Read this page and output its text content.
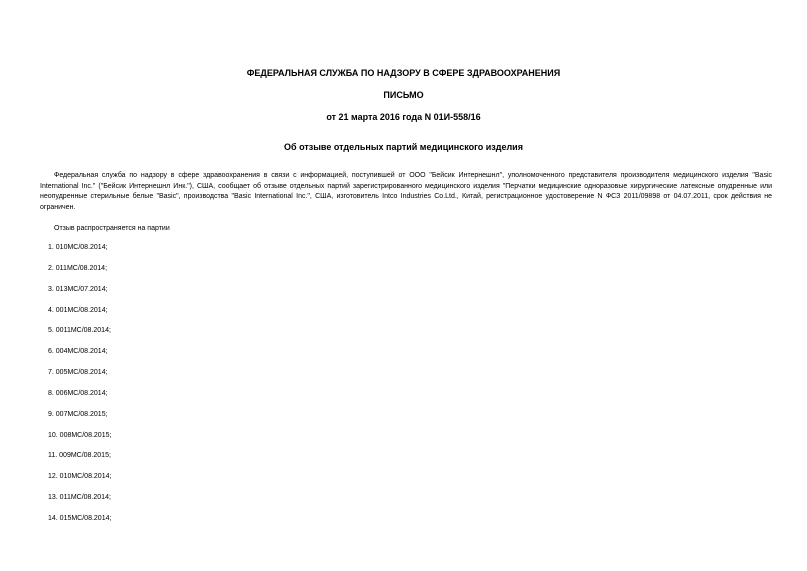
ФЕДЕРАЛЬНАЯ СЛУЖБА ПО НАДЗОРУ В СФЕРЕ ЗДРАВООХРАНЕНИЯ
ПИСЬМО
от 21 марта 2016 года N 01И-558/16
Об отзыве отдельных партий медицинского изделия
Федеральная служба по надзору в сфере здравоохранения в связи с информацией, поступившей от ООО "Бейсик Интернешнл", уполномоченного представителя производителя медицинского изделия "Basic International Inc." ("Бейсик Интернешнл Инк."), США, сообщает об отзыве отдельных партий зарегистрированного медицинского изделия "Перчатки медицинские одноразовые хирургические латексные опудренные или неопудренные стерильные белые "Basic", производства "Basic International Inc.", США, изготовитель Intco Industries Co.Ltd., Китай, регистрационное удостоверение N ФСЗ 2011/09898 от 04.07.2011, срок действия не ограничен.
Отзыв распространяется на партии
1. 010MC/08.2014;
2. 011MC/08.2014;
3. 013MC/07.2014;
4. 001MC/08.2014;
5. 0011MC/08.2014;
6. 004MC/08.2014;
7. 005MC/08.2014;
8. 006MC/08.2014;
9. 007MC/08.2015;
10. 008MC/08.2015;
11. 009MC/08.2015;
12. 010MC/08.2014;
13. 011MC/08.2014;
14. 015MC/08.2014;
